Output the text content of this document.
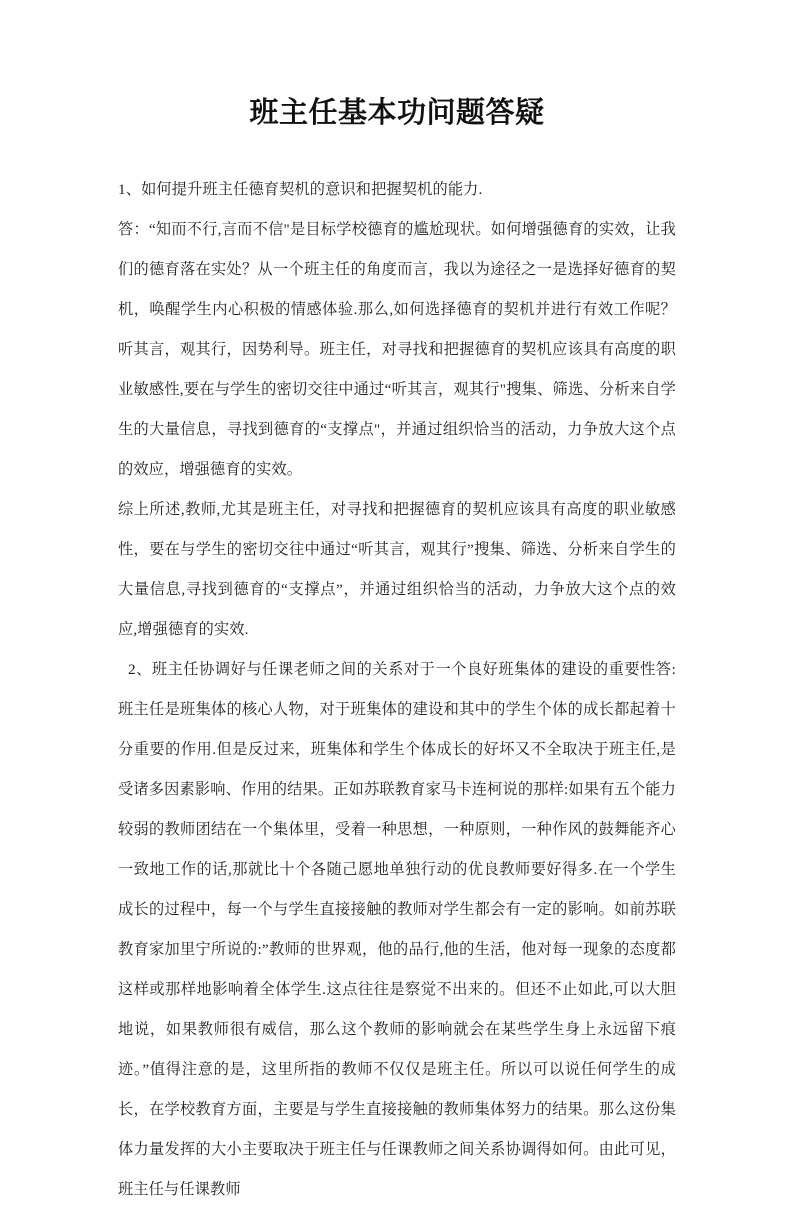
班主任基本功问题答疑

1、如何提升班主任德育契机的意识和把握契机的能力.

答：“知而不行,言而不信"是目标学校德育的尴尬现状。如何增强德育的实效，让我们的德育落在实处？从一个班主任的角度而言，我以为途径之一是选择好德育的契机，唤醒学生内心积极的情感体验.那么,如何选择德育的契机并进行有效工作呢？听其言，观其行，因势利导。班主任，对寻找和把握德育的契机应该具有高度的职业敏感性,要在与学生的密切交往中通过“听其言，观其行"搜集、筛选、分析来自学生的大量信息，寻找到德育的“支撑点"，并通过组织恰当的活动，力争放大这个点的效应，增强德育的实效。

综上所述,教师,尤其是班主任，对寻找和把握德育的契机应该具有高度的职业敏感性，要在与学生的密切交往中通过“听其言，观其行”搜集、筛选、分析来自学生的大量信息,寻找到德育的“支撑点”，并通过组织恰当的活动，力争放大这个点的效应,增强德育的实效.

2、班主任协调好与任课老师之间的关系对于一个良好班集体的建设的重要性答:班主任是班集体的核心人物，对于班集体的建设和其中的学生个体的成长都起着十分重要的作用.但是反过来，班集体和学生个体成长的好坏又不全取决于班主任,是受诸多因素影响、作用的结果。正如苏联教育家马卡连柯说的那样:如果有五个能力较弱的教师团结在一个集体里，受着一种思想，一种原则，一种作风的鼓舞能齐心一致地工作的话,那就比十个各随己愿地单独行动的优良教师要好得多.在一个学生成长的过程中，每一个与学生直接接触的教师对学生都会有一定的影响。如前苏联教育家加里宁所说的:”教师的世界观，他的品行,他的生活，他对每一现象的态度都这样或那样地影响着全体学生.这点往往是察觉不出来的。但还不止如此,可以大胆地说，如果教师很有威信，那么这个教师的影响就会在某些学生身上永远留下痕迹。”值得注意的是，这里所指的教师不仅仅是班主任。所以可以说任何学生的成长，在学校教育方面，主要是与学生直接接触的教师集体努力的结果。那么这份集体力量发挥的大小主要取决于班主任与任课教师之间关系协调得如何。由此可见，班主任与任课教师
